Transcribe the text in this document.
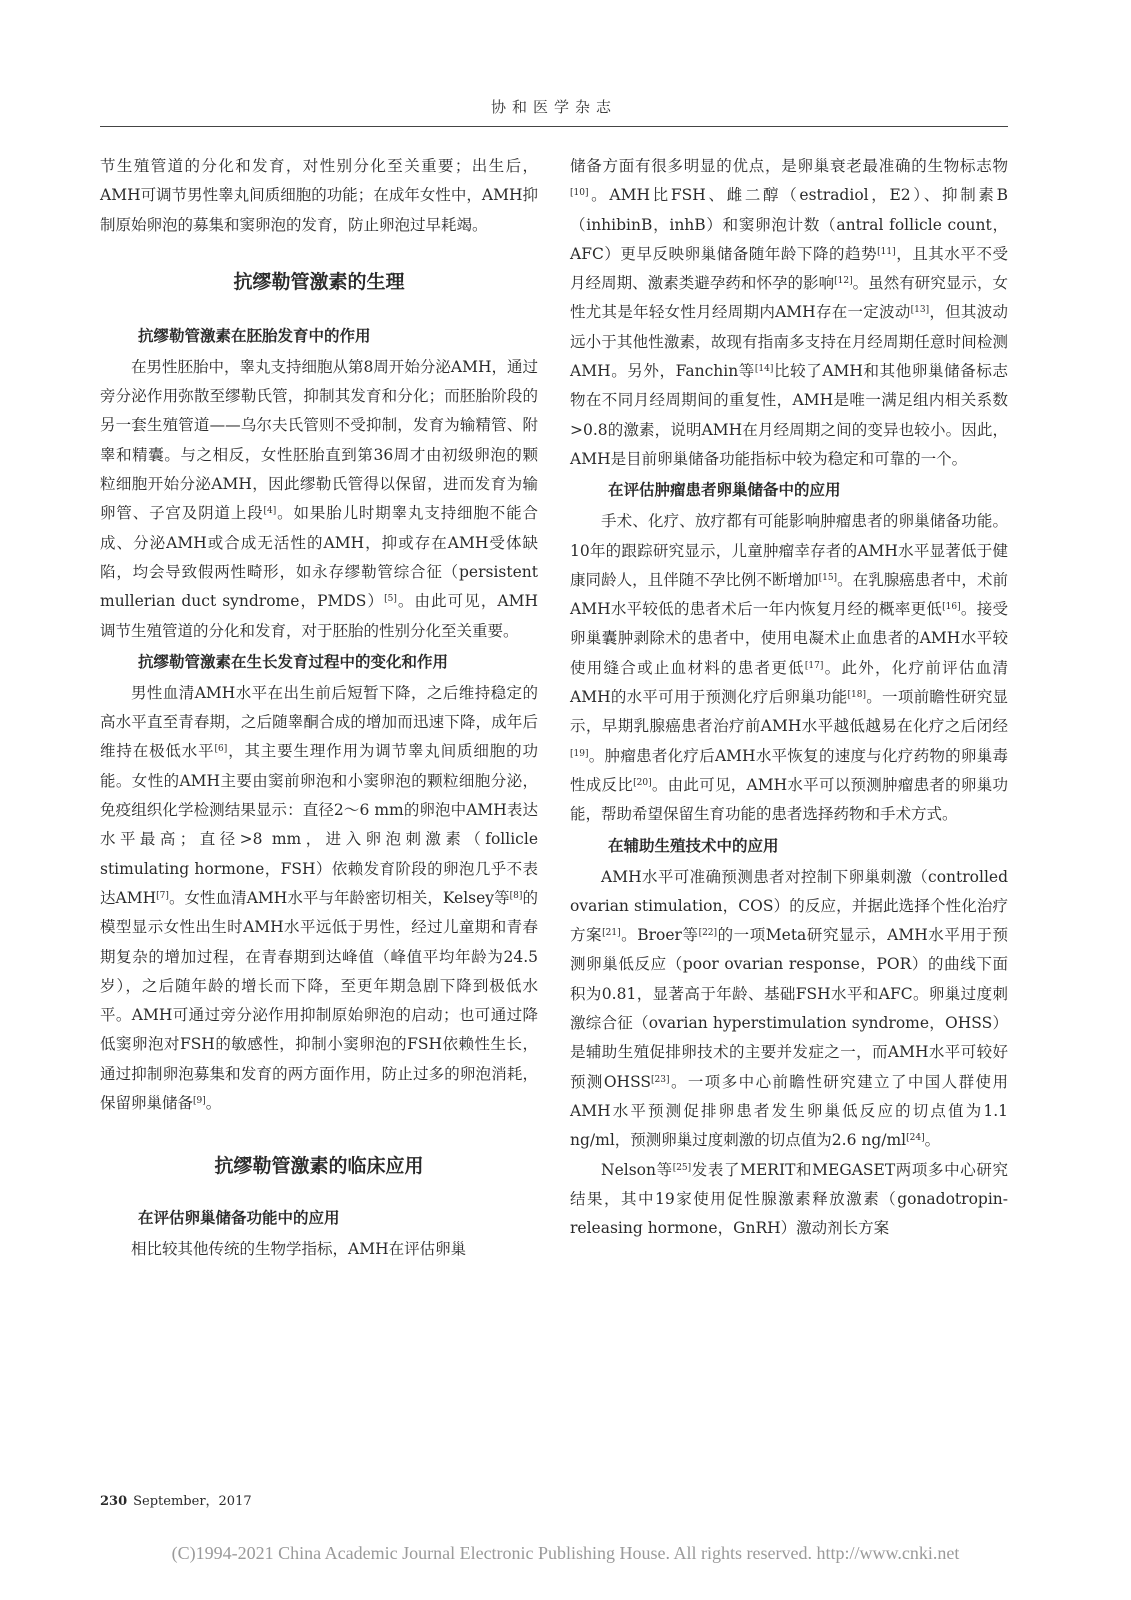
协和医学杂志

节生殖管道的分化和发育，对性别分化至关重要；出生后，AMH可调节男性睾丸间质细胞的功能；在成年女性中，AMH抑制原始卵泡的募集和窦卵泡的发育，防止卵泡过早耗竭。

抗缪勒管激素的生理
抗缪勒管激素在胚胎发育中的作用

在男性胚胎中，睾丸支持细胞从第8周开始分泌AMH，通过旁分泌作用弥散至缪勒氏管，抑制其发育和分化；而胚胎阶段的另一套生殖管道——乌尔夫氏管则不受抑制，发育为输精管、附睾和精囊。与之相反，女性胚胎直到第36周才由初级卵泡的颗粒细胞开始分泌AMH，因此缪勒氏管得以保留，进而发育为输卵管、子宫及阴道上段[4]。如果胎儿时期睾丸支持细胞不能合成、分泌AMH或合成无活性的AMH，抑或存在AMH受体缺陷，均会导致假两性畸形，如永存缪勒管综合征（persistent mullerian duct syndrome，PMDS）[5]。由此可见，AMH调节生殖管道的分化和发育，对于胚胎的性别分化至关重要。

抗缪勒管激素在生长发育过程中的变化和作用

男性血清AMH水平在出生前后短暂下降，之后维持稳定的高水平直至青春期，之后随睾酮合成的增加而迅速下降，成年后维持在极低水平[6]，其主要生理作用为调节睾丸间质细胞的功能。女性的AMH主要由窦前卵泡和小窦卵泡的颗粒细胞分泌，免疫组织化学检测结果显示：直径2～6 mm的卵泡中AMH表达水平最高；直径>8 mm，进入卵泡刺激素（follicle stimulating hormone，FSH）依赖发育阶段的卵泡几乎不表达AMH[7]。女性血清AMH水平与年龄密切相关，Kelsey等[8]的模型显示女性出生时AMH水平远低于男性，经过儿童期和青春期复杂的增加过程，在青春期到达峰值（峰值平均年龄为24.5岁），之后随年龄的增长而下降，至更年期急剧下降到极低水平。AMH可通过旁分泌作用抑制原始卵泡的启动；也可通过降低窦卵泡对FSH的敏感性，抑制小窦卵泡的FSH依赖性生长，通过抑制卵泡募集和发育的两方面作用，防止过多的卵泡消耗，保留卵巢储备[9]。

抗缪勒管激素的临床应用
在评估卵巢储备功能中的应用

相比较其他传统的生物学指标，AMH在评估卵巢

储备方面有很多明显的优点，是卵巢衰老最准确的生物标志物[10]。AMH比FSH、雌二醇（estradiol，E2）、抑制素B（inhibinB，inhB）和窦卵泡计数（antral follicle count，AFC）更早反映卵巢储备随年龄下降的趋势[11]，且其水平不受月经周期、激素类避孕药和怀孕的影响[12]。虽然有研究显示，女性尤其是年轻女性月经周期内AMH存在一定波动[13]，但其波动远小于其他性激素，故现有指南多支持在月经周期任意时间检测AMH。另外，Fanchin等[14]比较了AMH和其他卵巢储备标志物在不同月经周期间的重复性，AMH是唯一满足组内相关系数>0.8的激素，说明AMH在月经周期之间的变异也较小。因此，AMH是目前卵巢储备功能指标中较为稳定和可靠的一个。

在评估肿瘤患者卵巢储备中的应用

手术、化疗、放疗都有可能影响肿瘤患者的卵巢储备功能。10年的跟踪研究显示，儿童肿瘤幸存者的AMH水平显著低于健康同龄人，且伴随不孕比例不断增加[15]。在乳腺癌患者中，术前AMH水平较低的患者术后一年内恢复月经的概率更低[16]。接受卵巢囊肿剥除术的患者中，使用电凝术止血患者的AMH水平较使用缝合或止血材料的患者更低[17]。此外，化疗前评估血清AMH的水平可用于预测化疗后卵巢功能[18]。一项前瞻性研究显示，早期乳腺癌患者治疗前AMH水平越低越易在化疗之后闭经[19]。肿瘤患者化疗后AMH水平恢复的速度与化疗药物的卵巢毒性成反比[20]。由此可见，AMH水平可以预测肿瘤患者的卵巢功能，帮助希望保留生育功能的患者选择药物和手术方式。

在辅助生殖技术中的应用

AMH水平可准确预测患者对控制下卵巢刺激（controlled ovarian stimulation，COS）的反应，并据此选择个性化治疗方案[21]。Broer等[22]的一项Meta研究显示，AMH水平用于预测卵巢低反应（poor ovarian response，POR）的曲线下面积为0.81，显著高于年龄、基础FSH水平和AFC。卵巢过度刺激综合征（ovarian hyperstimulation syndrome，OHSS）是辅助生殖促排卵技术的主要并发症之一，而AMH水平可较好预测OHSS[23]。一项多中心前瞻性研究建立了中国人群使用AMH水平预测促排卵患者发生卵巢低反应的切点值为1.1 ng/ml，预测卵巢过度刺激的切点值为2.6 ng/ml[24]。

Nelson等[25]发表了MERIT和MEGASET两项多中心研究结果，其中19家使用促性腺激素释放激素（gonadotropin-releasing hormone，GnRH）激动剂长方案

230 September，2017
(C)1994-2021 China Academic Journal Electronic Publishing House. All rights reserved. http://www.cnki.net
